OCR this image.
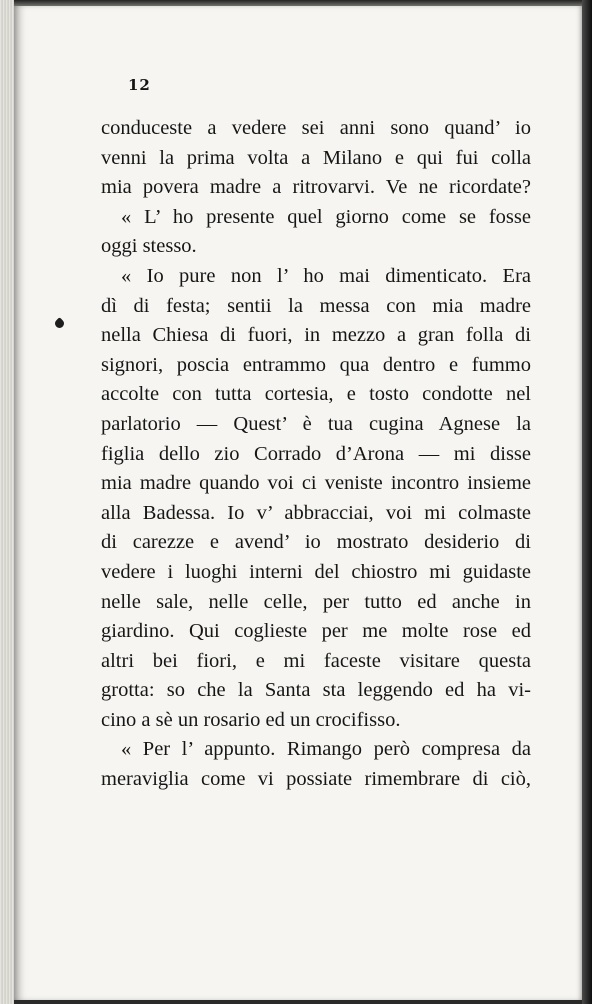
12
conduceste a vedere sei anni sono quand’ io
venni la prima volta a Milano e qui fui colla
mia povera madre a ritrovarvi. Ve ne ricordate?
« L’ ho presente quel giorno come se fosse
oggi stesso.
« Io pure non l’ ho mai dimenticato. Era
dì di festa; sentii la messa con mia madre
nella Chiesa di fuori, in mezzo a gran folla di
signori, poscia entrammo qua dentro e fummo
accolte con tutta cortesia, e tosto condotte nel
parlatorio — Quest’ è tua cugina Agnese la
figlia dello zio Corrado d’Arona — mi disse
mia madre quando voi ci veniste incontro insieme
alla Badessa. Io v’ abbracciai, voi mi colmaste
di carezze e avend’ io mostrato desiderio di
vedere i luoghi interni del chiostro mi guidaste
nelle sale, nelle celle, per tutto ed anche in
giardino. Qui coglieste per me molte rose ed
altri bei fiori, e mi faceste visitare questa
grotta: so che la Santa sta leggendo ed ha vi-
cino a sè un rosario ed un crocifisso.
« Per l’ appunto. Rimango però compresa da
meraviglia come vi possiate rimembrare di ciò,
